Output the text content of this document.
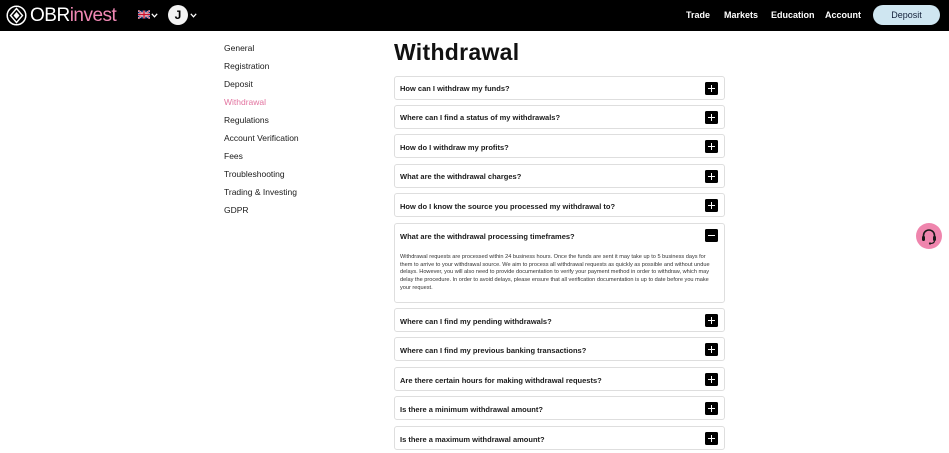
OBRinvest	J	Trade Markets Education Account	Deposit
General
Registration
Deposit
Withdrawal
Regulations
Account Verification
Fees
Troubleshooting
Trading & Investing
GDPR
Withdrawal
How can I withdraw my funds?
Where can I find a status of my withdrawals?
How do I withdraw my profits?
What are the withdrawal charges?
How do I know the source you processed my withdrawal to?
What are the withdrawal processing timeframes?

Withdrawal requests are processed within 24 business hours. Once the funds are sent it may take up to 5 business days for them to arrive to your withdrawal source. We aim to process all withdrawal requests as quickly as possible and without undue delays. However, you will also need to provide documentation to verify your payment method in order to withdraw, which may delay the procedure. In order to avoid delays, please ensure that all verification documentation is up to date before you make your request.

Where can I find my pending withdrawals?
Where can I find my previous banking transactions?
Are there certain hours for making withdrawal requests?
Is there a minimum withdrawal amount?
Is there a maximum withdrawal amount?
